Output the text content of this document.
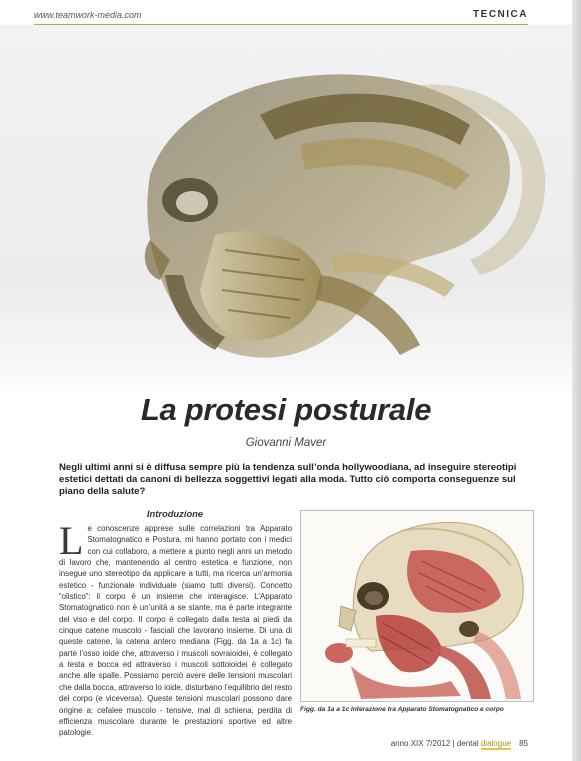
www.teamwork-media.com	TECNICA
La protesi posturale
Giovanni Maver
Negli ultimi anni si è diffusa sempre più la tendenza sull’onda hollywoodiana, ad inseguire stereotipi estetici dettati da canoni di bellezza soggettivi legati alla moda. Tutto ciò comporta conseguenze sul piano della salute?
Introduzione
Le conoscenze apprese sulle correlazioni tra Apparato Stomatognatico e Postura, mi hanno portato con i medici con cui collaboro, a mettere a punto negli anni un metodo di lavoro che, mantenendo al centro estetica e funzione, non insegue uno stereotipo da applicare a tutti, ma ricerca un’armonia estetico - funzionale individuale (siamo tutti diversi). Concetto “olistico”: il corpo è un insieme che interagisce. L’Apparato Stomatognatico non è un’unità a se stante, ma è parte integrante del viso e del corpo. Il corpo è collegato dalla testa ai piedi da cinque catene muscolo - fasciali che lavorano insieme. Di una di queste catene, la catena antero mediana (Figg. da 1a a 1c) fa parte l’osso ioide che, attraverso i muscoli sovraioidei, è collegato a testa e bocca ed attraverso i muscoli sottoioidei è collegato anche alle spalle. Possiamo perciò avere delle tensioni muscolari che dalla bocca, attraverso lo ioide, disturbano l’equilibrio del resto del corpo (e viceversa). Queste tensioni muscolari possono dare origine a: cefalee muscolo - tensive, mal di schiena, perdita di efficienza muscolare durante le prestazioni sportive ed altre patologie.
Figg. da 1a a 1c Interazione tra Apparato Stomatognatico e corpo
anno XIX 7/2012 | dental dialogue 85
